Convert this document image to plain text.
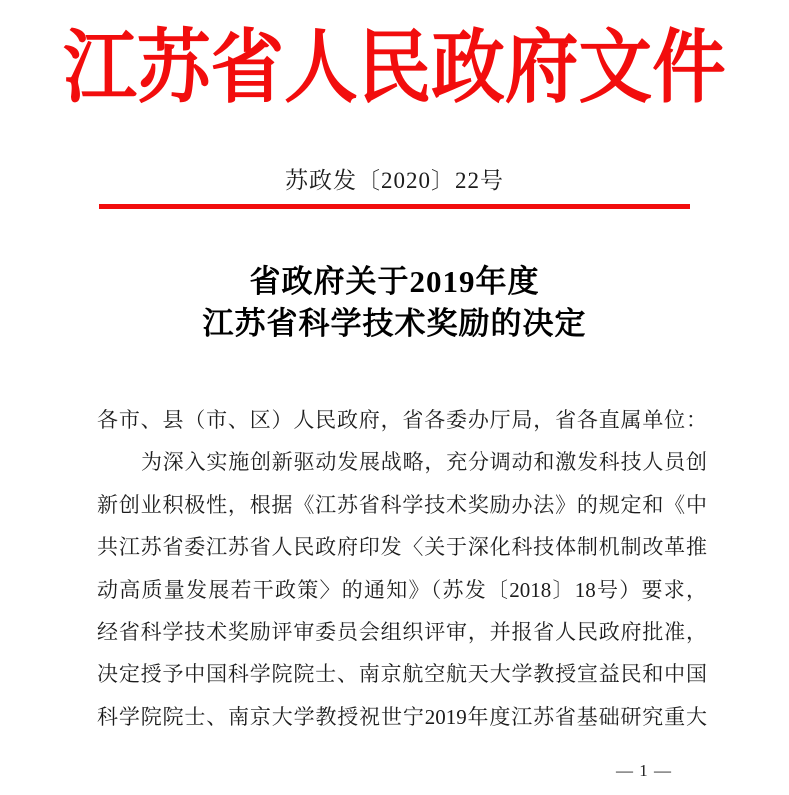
江苏省人民政府文件
苏政发〔2020〕22号
省政府关于2019年度
江苏省科学技术奖励的决定
各市、县（市、区）人民政府，省各委办厅局，省各直属单位：
为深入实施创新驱动发展战略，充分调动和激发科技人员创
新创业积极性，根据《江苏省科学技术奖励办法》的规定和《中
共江苏省委江苏省人民政府印发〈关于深化科技体制机制改革推
动高质量发展若干政策〉的通知》（苏发〔2018〕18号）要求，
经省科学技术奖励评审委员会组织评审，并报省人民政府批准，
决定授予中国科学院院士、南京航空航天大学教授宣益民和中国
科学院院士、南京大学教授祝世宁2019年度江苏省基础研究重大
— 1 —
